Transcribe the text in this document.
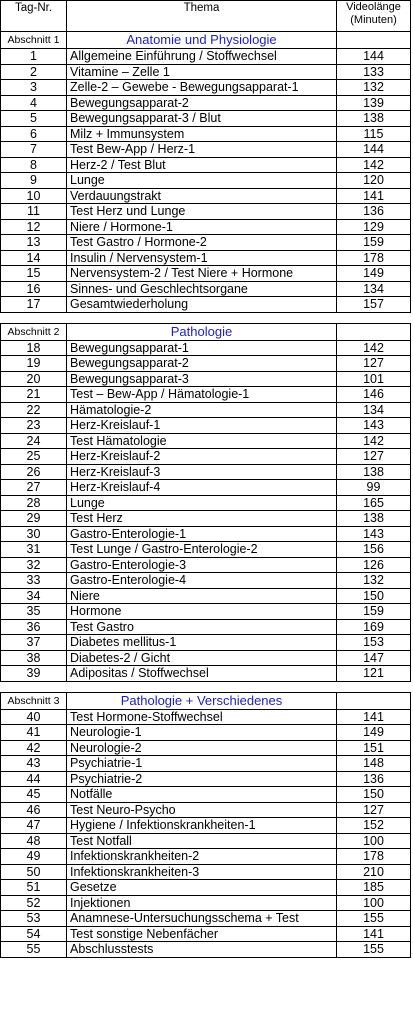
Tag-Nr.	Thema	Videolänge
(Minuten)

Abschnitt 1	Anatomie und Physiologie	
1	Allgemeine Einführung / Stoffwechsel	144
2	Vitamine – Zelle 1	133
3	Zelle-2 – Gewebe - Bewegungsapparat-1	132
4	Bewegungsapparat-2	139
5	Bewegungsapparat-3 / Blut	138
6	Milz + Immunsystem	115
7	Test Bew-App / Herz-1	144
8	Herz-2 / Test Blut	142
9	Lunge	120
10	Verdauungstrakt	141
11	Test Herz und Lunge	136
12	Niere / Hormone-1	129
13	Test Gastro / Hormone-2	159
14	Insulin / Nervensystem-1	178
15	Nervensystem-2 / Test Niere + Hormone	149
16	Sinnes- und Geschlechtsorgane	134
17	Gesamtwiederholung	157

Abschnitt 2	Pathologie	
18	Bewegungsapparat-1	142
19	Bewegungsapparat-2	127
20	Bewegungsapparat-3	101
21	Test – Bew-App / Hämatologie-1	146
22	Hämatologie-2	134
23	Herz-Kreislauf-1	143
24	Test Hämatologie	142
25	Herz-Kreislauf-2	127
26	Herz-Kreislauf-3	138
27	Herz-Kreislauf-4	99
28	Lunge	165
29	Test Herz	138
30	Gastro-Enterologie-1	143
31	Test Lunge / Gastro-Enterologie-2	156
32	Gastro-Enterologie-3	126
33	Gastro-Enterologie-4	132
34	Niere	150
35	Hormone	159
36	Test Gastro	169
37	Diabetes mellitus-1	153
38	Diabetes-2 / Gicht	147
39	Adipositas / Stoffwechsel	121

Abschnitt 3	Pathologie + Verschiedenes	
40	Test Hormone-Stoffwechsel	141
41	Neurologie-1	149
42	Neurologie-2	151
43	Psychiatrie-1	148
44	Psychiatrie-2	136
45	Notfälle	150
46	Test Neuro-Psycho	127
47	Hygiene / Infektionskrankheiten-1	152
48	Test Notfall	100
49	Infektionskrankheiten-2	178
50	Infektionskrankheiten-3	210
51	Gesetze	185
52	Injektionen	100
53	Anamnese-Untersuchungsschema + Test	155
54	Test sonstige Nebenfächer	141
55	Abschlusstests	155
